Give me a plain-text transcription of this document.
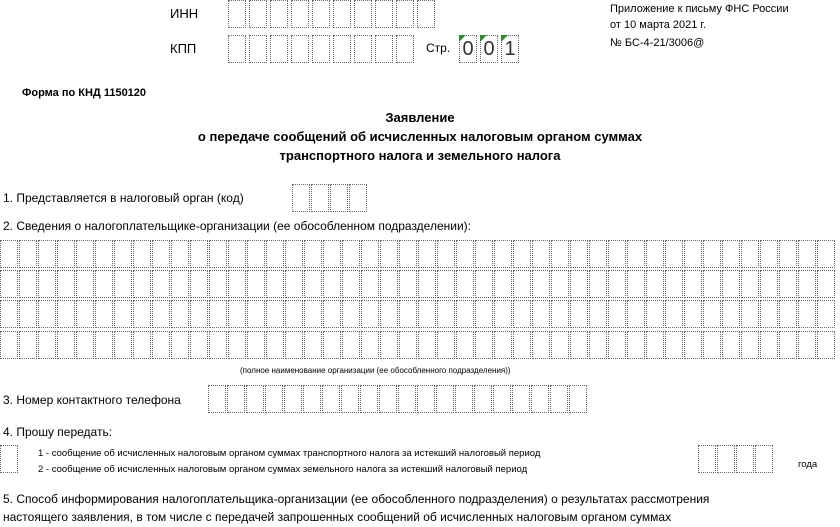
ИНН
КПП	Стр. 0 0 1
Приложение к письму ФНС России
от 10 марта 2021 г.
№ БС-4-21/3006@
Форма по КНД 1150120
Заявление
о передаче сообщений об исчисленных налоговым органом суммах
транспортного налога и земельного налога
1. Представляется в налоговый орган (код)
2. Сведения о налогоплательщике-организации (ее обособленном подразделении):
(полное наименование организации (ее обособленного подразделения))
3. Номер контактного телефона
4. Прошу передать:
1 - сообщение об исчисленных налоговым органом суммах транспортного налога за истекший налоговый период
2 - сообщение об исчисленных налоговым органом суммах земельного налога за истекший налоговый период	года
5. Способ информирования налогоплательщика-организации (ее обособленного подразделения) о результатах рассмотрения
настоящего заявления, в том числе с передачей запрошенных сообщений об исчисленных налоговым органом суммах
